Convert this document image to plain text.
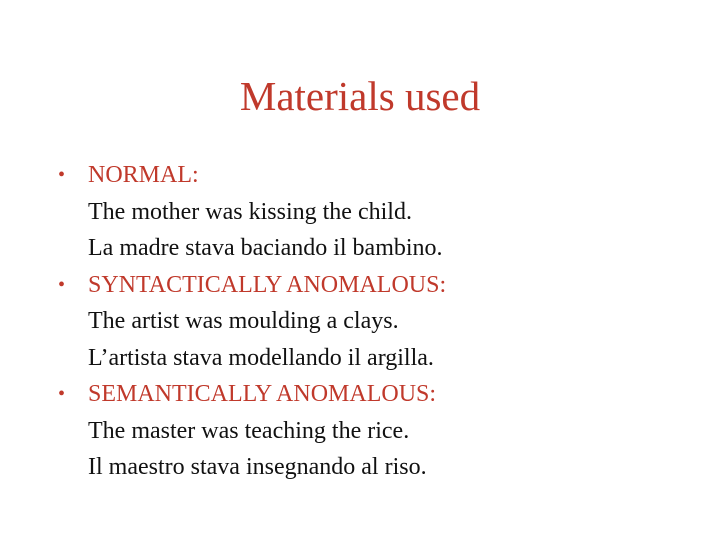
Materials used
• NORMAL:
The mother was kissing the child.
La madre stava baciando il bambino.
• SYNTACTICALLY ANOMALOUS:
The artist was moulding a clays.
L’artista stava modellando il argilla.
• SEMANTICALLY ANOMALOUS:
The master was teaching the rice.
Il maestro stava insegnando al riso.
